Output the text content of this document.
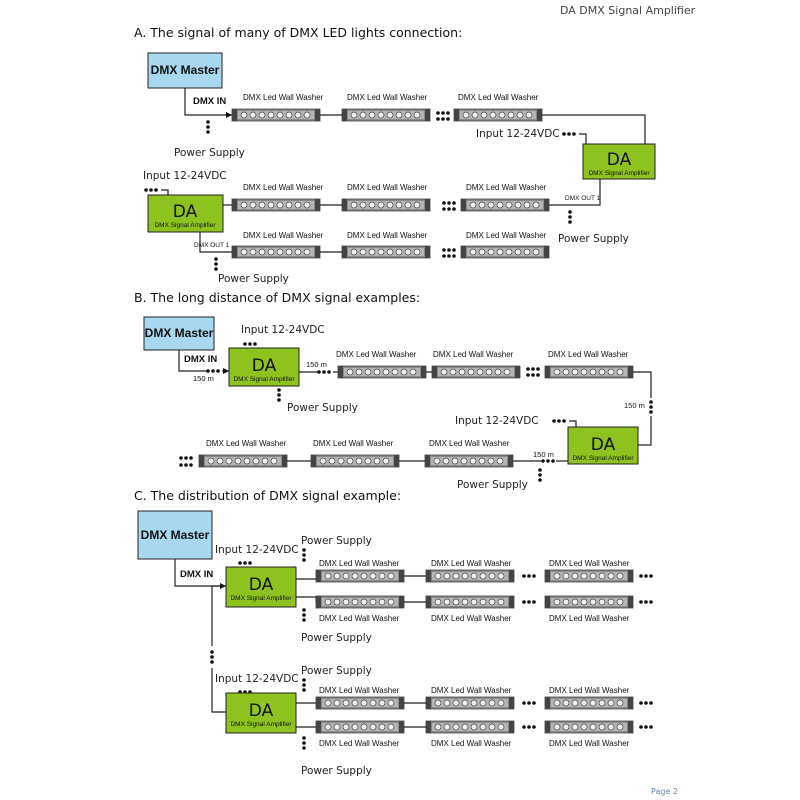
DA DMX Signal Amplifier
A. The signal of many of DMX LED lights connection:
DMX Master
DMX IN
Power Supply
DMX Led Wall Washer	DMX Led Wall Washer	DMX Led Wall Washer
Input 12-24VDC
DA
DMX Signal Amplifier
DMX OUT 1
Power Supply
DMX Led Wall Washer	DMX Led Wall Washer	DMX Led Wall Washer
Input 12-24VDC
DA
DMX Signal Amplifier
DMX OUT 1
Power Supply
DMX Led Wall Washer	DMX Led Wall Washer	DMX Led Wall Washer
B. The long distance of DMX signal examples:
DMX Master
DMX IN
150 m
Input 12-24VDC
DA
DMX Signal Amplifier
150 m
Power Supply
DMX Led Wall Washer DMX Led Wall Washer	DMX Led Wall Washer
150 m
Input 12-24VDC
DA
DMX Signal Amplifier
150 m
Power Supply
DMX Led Wall Washer	DMX Led Wall Washer	DMX Led Wall Washer
C. The distribution of DMX signal example:
DMX Master
DMX IN
Input 12-24VDC
DA
DMX Signal Amplifier
Power Supply
Power Supply
DMX Led Wall Washer	DMX Led Wall Washer	DMX Led Wall Washer
DMX Led Wall Washer	DMX Led Wall Washer	DMX Led Wall Washer
Input 12-24VDC
DA
DMX Signal Amplifier
Power Supply
Power Supply
DMX Led Wall Washer	DMX Led Wall Washer	DMX Led Wall Washer
DMX Led Wall Washer	DMX Led Wall Washer	DMX Led Wall Washer
Page 2
